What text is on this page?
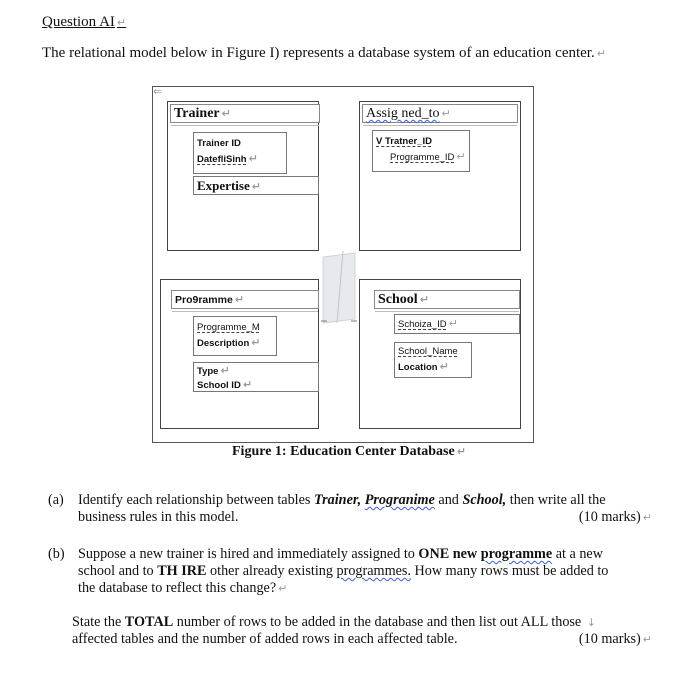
Question AI ↵
The relational model below in Figure I) represents a database system of an education center. ↵
⇐
Trainer ↵
Trainer ID
DatefliSinh ↵
Expertise ↵
Assig ned_to ↵
V Tratner_ID
Programme_ID ↵
Pro9ramme ↵
Programme_M
Description ↵
Type ↵
School ID ↵
School ↵
Schoiza_ID ↵
School_Name
Location ↵
Figure 1: Education Center Database ↵
(a) Identify each relationship between tables Trainer, Progranime and School, then write all the
business rules in this model.	(10 marks) ↵
(b) Suppose a new trainer is hired and immediately assigned to ONE new programme at a new
school and to TH IRE other already existing programmes. How many rows must be added to
the database to reflect this change? ↵
State the TOTAL number of rows to be added in the database and then list out ALL those ↓
affected tables and the number of added rows in each affected table.	(10 marks) ↵
